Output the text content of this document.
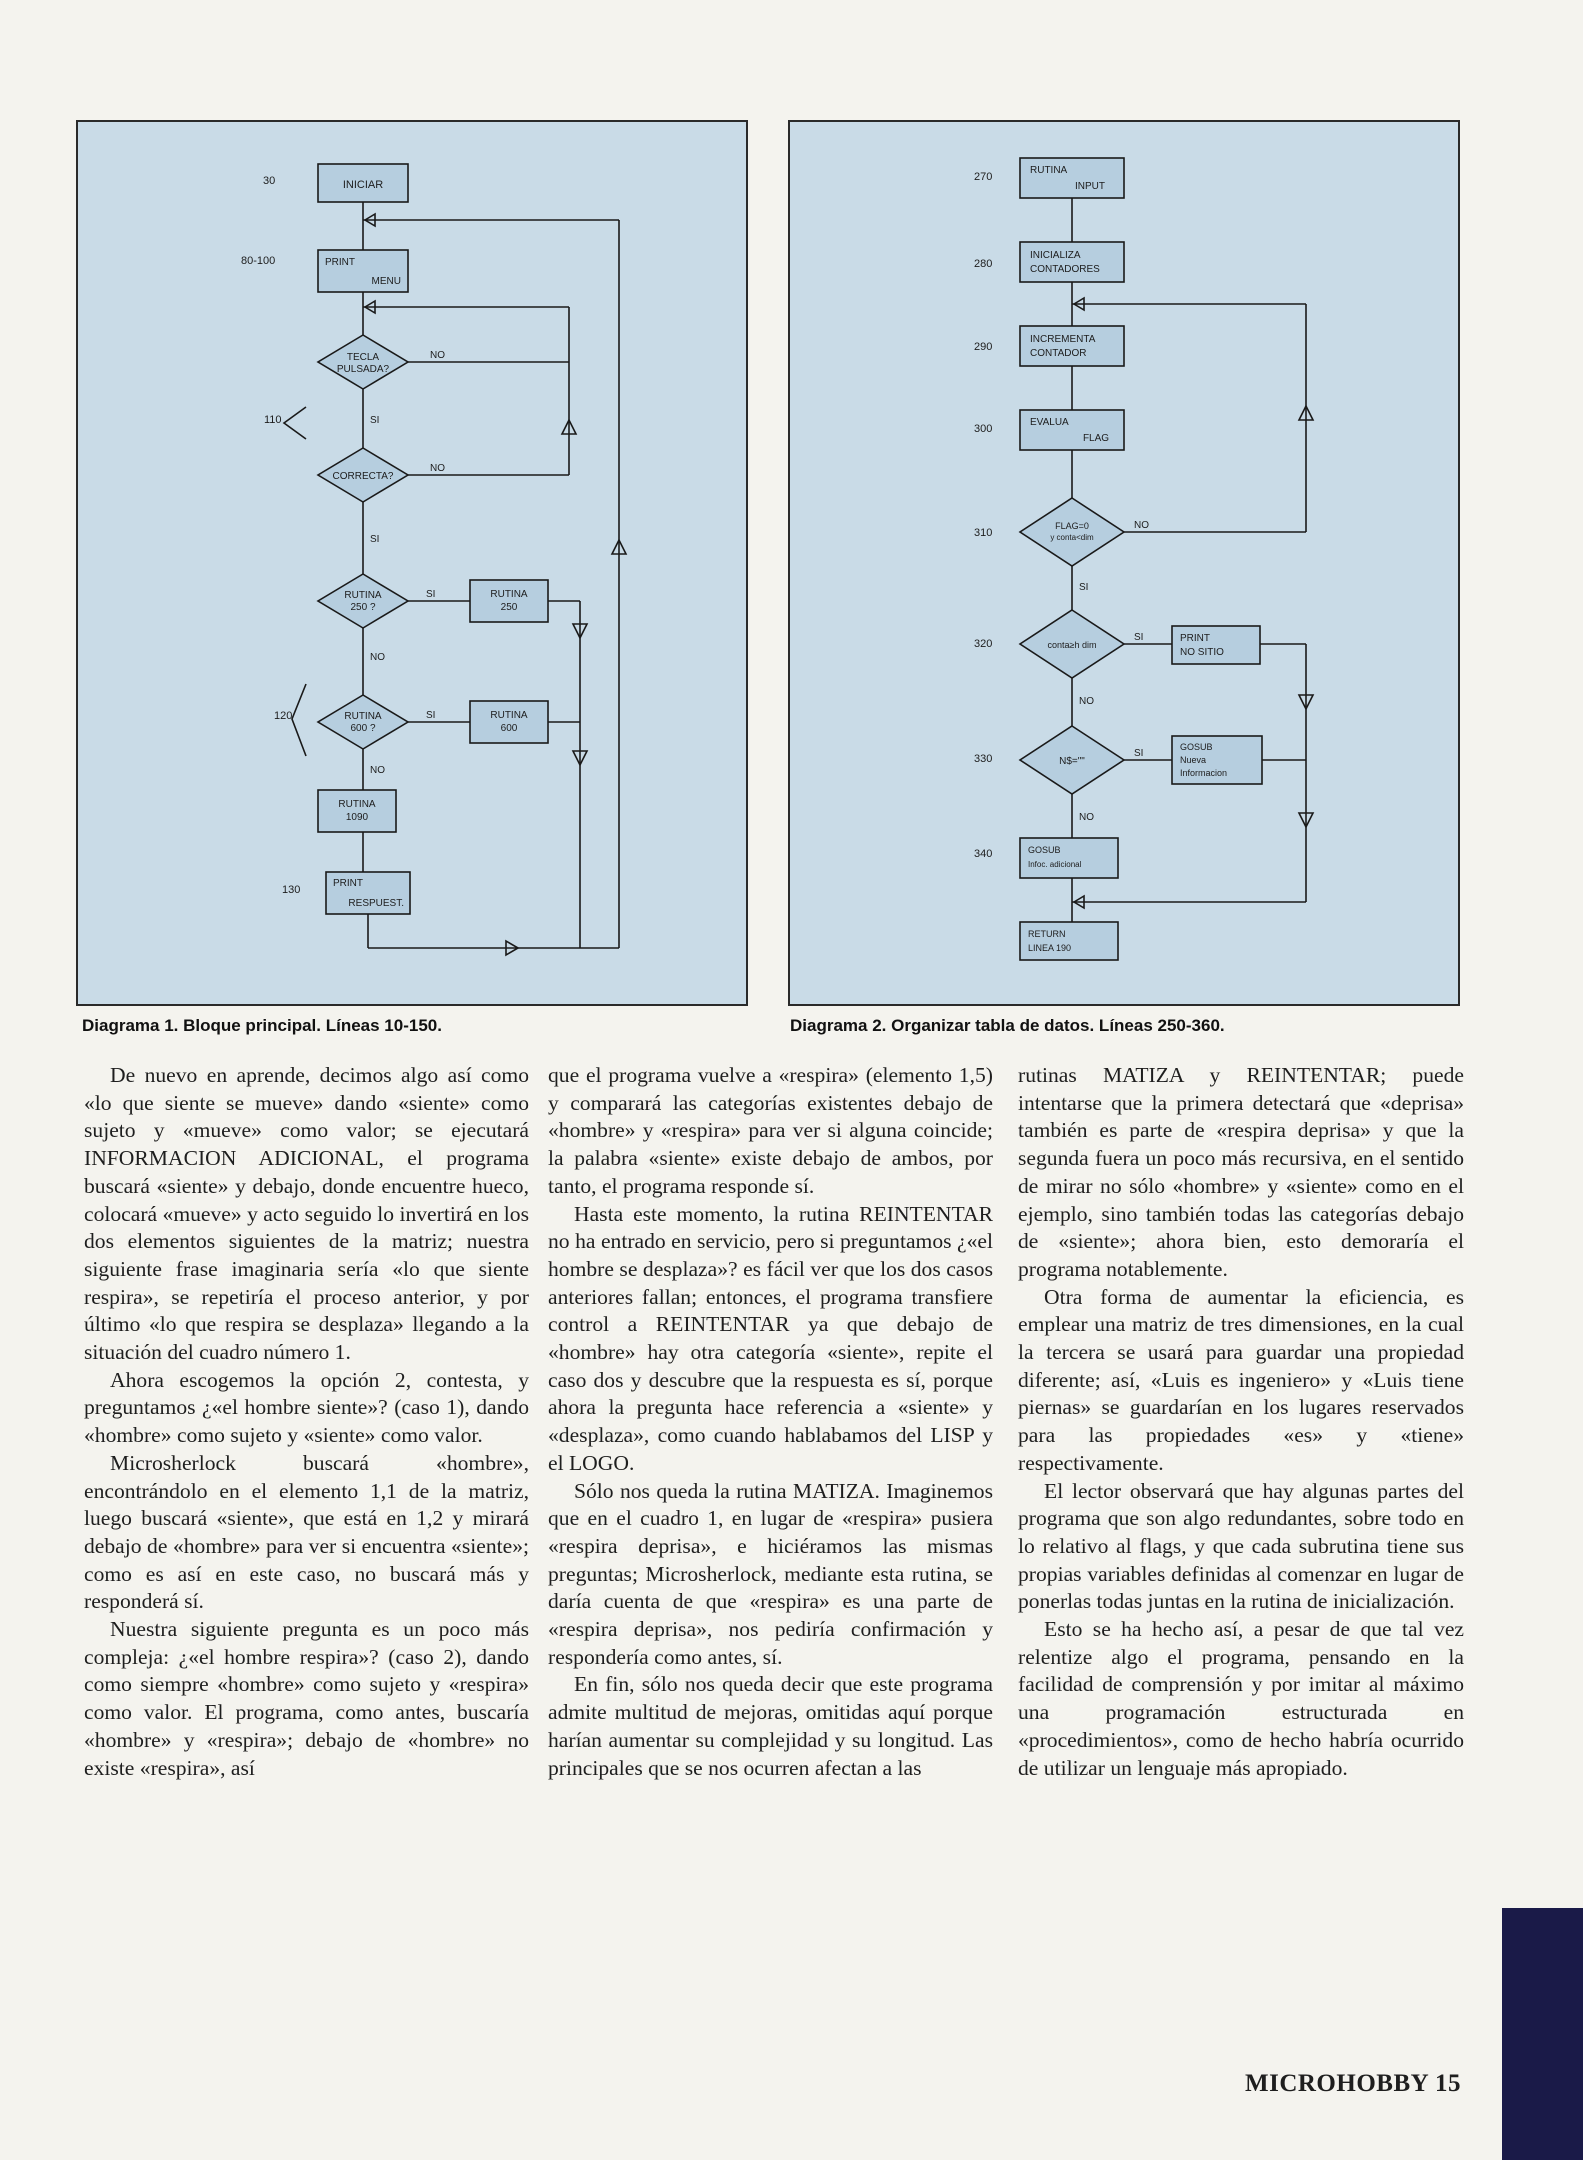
30
80-100
110
120
130
INICIAR
PRINT
MENU
TECLA
PULSADA?
NO
SI
CORRECTA?
NO
SI
RUTINA
250 ?
SI	RUTINA
250
NO
RUTINA
600 ?
SI	RUTINA
600
NO
RUTINA
1090
PRINT
RESPUEST.
Diagrama 1. Bloque principal. Líneas 10-150.
270
280
290
300
310
320
330
340
RUTINA
INPUT
INICIALIZA
CONTADORES
INCREMENTA
CONTADOR
EVALUA
FLAG
FLAG=0
y conta<dim
NO
SI
conta≥h dim
SI	PRINT
NO SITIO
NO
N$=""
SI
GOSUB
Nueva
Informacion
NO
GOSUB
Infoc. adicional
RETURN
LINEA 190
Diagrama 2. Organizar tabla de datos. Líneas 250-360.

De nuevo en aprende, decimos algo así como «lo que siente se mueve» dando «siente» como sujeto y «mueve» como valor; se ejecutará INFORMACION ADICIONAL, el programa buscará «siente» y debajo, donde encuentre hueco, colocará «mueve» y acto seguido lo invertirá en los dos elementos siguientes de la matriz; nuestra siguiente frase imaginaria sería «lo que siente respira», se repetiría el proceso anterior, y por último «lo que respira se desplaza» llegando a la situación del cuadro número 1.

Ahora escogemos la opción 2, contesta, y preguntamos ¿«el hombre siente»? (caso 1), dando «hombre» como sujeto y «siente» como valor.

Microsherlock buscará «hombre», encontrándolo en el elemento 1,1 de la matriz, luego buscará «siente», que está en 1,2 y mirará debajo de «hombre» para ver si encuentra «siente»; como es así en este caso, no buscará más y responderá sí.

Nuestra siguiente pregunta es un poco más compleja: ¿«el hombre respira»? (caso 2), dando como siempre «hombre» como sujeto y «respira» como valor. El programa, como antes, buscaría «hombre» y «respira»; debajo de «hombre» no existe «respira», así

que el programa vuelve a «respira» (elemento 1,5) y comparará las categorías existentes debajo de «hombre» y «respira» para ver si alguna coincide; la palabra «siente» existe debajo de ambos, por tanto, el programa responde sí.

Hasta este momento, la rutina REINTENTAR no ha entrado en servicio, pero si preguntamos ¿«el hombre se desplaza»? es fácil ver que los dos casos anteriores fallan; entonces, el programa transfiere control a REINTENTAR ya que debajo de «hombre» hay otra categoría «siente», repite el caso dos y descubre que la respuesta es sí, porque ahora la pregunta hace referencia a «siente» y «desplaza», como cuando hablabamos del LISP y el LOGO.

Sólo nos queda la rutina MATIZA. Imaginemos que en el cuadro 1, en lugar de «respira» pusiera «respira deprisa», e hiciéramos las mismas preguntas; Microsherlock, mediante esta rutina, se daría cuenta de que «respira» es una parte de «respira deprisa», nos pediría confirmación y respondería como antes, sí.

En fin, sólo nos queda decir que este programa admite multitud de mejoras, omitidas aquí porque harían aumentar su complejidad y su longitud. Las principales que se nos ocurren afectan a las

rutinas MATIZA y REINTENTAR; puede intentarse que la primera detectará que «deprisa» también es parte de «respira deprisa» y que la segunda fuera un poco más recursiva, en el sentido de mirar no sólo «hombre» y «siente» como en el ejemplo, sino también todas las categorías debajo de «siente»; ahora bien, esto demoraría el programa notablemente.

Otra forma de aumentar la eficiencia, es emplear una matriz de tres dimensiones, en la cual la tercera se usará para guardar una propiedad diferente; así, «Luis es ingeniero» y «Luis tiene piernas» se guardarían en los lugares reservados para las propiedades «es» y «tiene» respectivamente.

El lector observará que hay algunas partes del programa que son algo redundantes, sobre todo en lo relativo al flags, y que cada subrutina tiene sus propias variables definidas al comenzar en lugar de ponerlas todas juntas en la rutina de inicialización.

Esto se ha hecho así, a pesar de que tal vez relentize algo el programa, pensando en la facilidad de comprensión y por imitar al máximo una programación estructurada en «procedimientos», como de hecho habría ocurrido de utilizar un lenguaje más apropiado.

MICROHOBBY 15
